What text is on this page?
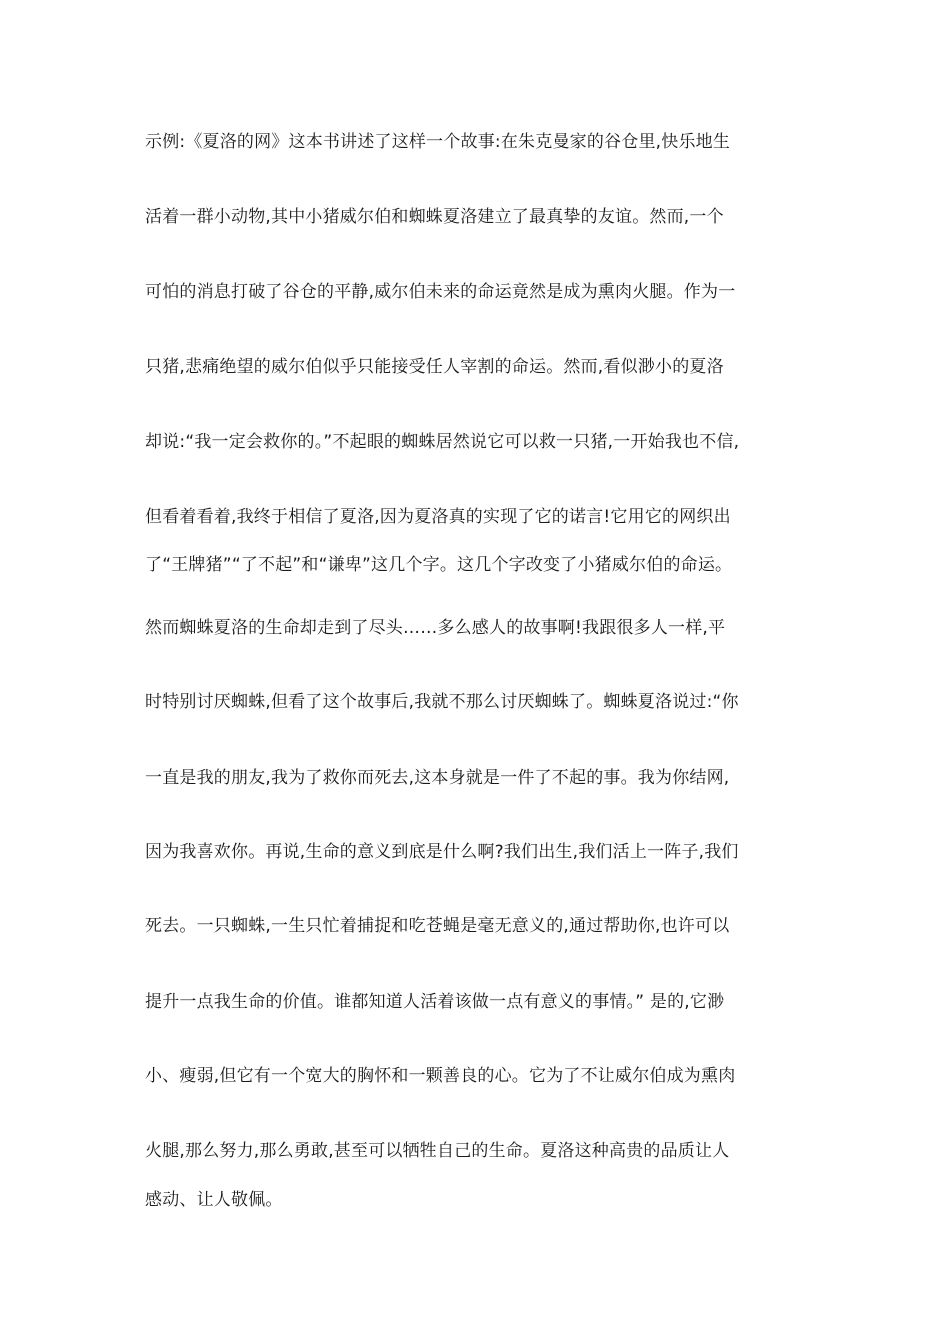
示例:《夏洛的网》这本书讲述了这样一个故事:在朱克曼家的谷仓里,快乐地生

活着一群小动物,其中小猪威尔伯和蜘蛛夏洛建立了最真挚的友谊。然而,一个

可怕的消息打破了谷仓的平静,威尔伯未来的命运竟然是成为熏肉火腿。作为一

只猪,悲痛绝望的威尔伯似乎只能接受任人宰割的命运。然而,看似渺小的夏洛

却说:“我一定会救你的。”不起眼的蜘蛛居然说它可以救一只猪,一开始我也不信,

但看着看着,我终于相信了夏洛,因为夏洛真的实现了它的诺言!它用它的网织出

了“王牌猪”“了不起”和“谦卑”这几个字。这几个字改变了小猪威尔伯的命运。

然而蜘蛛夏洛的生命却走到了尽头……多么感人的故事啊!我跟很多人一样,平

时特别讨厌蜘蛛,但看了这个故事后,我就不那么讨厌蜘蛛了。蜘蛛夏洛说过:“你

一直是我的朋友,我为了救你而死去,这本身就是一件了不起的事。我为你结网,

因为我喜欢你。再说,生命的意义到底是什么啊?我们出生,我们活上一阵子,我们

死去。一只蜘蛛,一生只忙着捕捉和吃苍蝇是毫无意义的,通过帮助你,也许可以

提升一点我生命的价值。谁都知道人活着该做一点有意义的事情。” 是的,它渺

小、瘦弱,但它有一个宽大的胸怀和一颗善良的心。它为了不让威尔伯成为熏肉

火腿,那么努力,那么勇敢,甚至可以牺牲自己的生命。夏洛这种高贵的品质让人

感动、让人敬佩。
